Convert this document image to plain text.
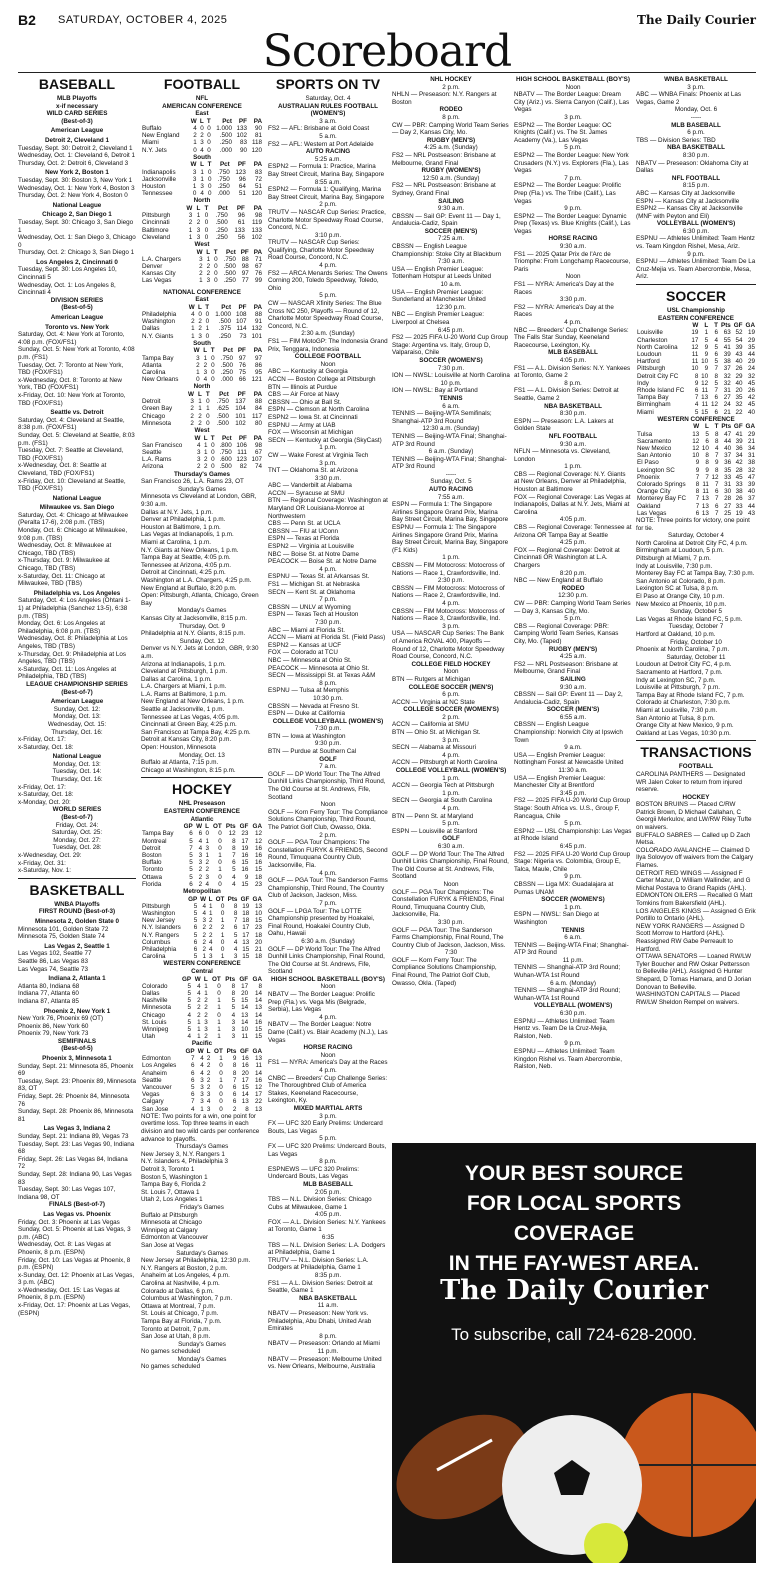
B2 SATURDAY, OCTOBER 4, 2025	The Daily Courier
Scoreboard
BASEBALL
MLB Playoffs
x-if necessary
WILD CARD SERIES
(Best-of-3)
American League
Detroit 2, Cleveland 1

Tuesday, Sept. 30: Detroit 2, Cleveland 1

Wednesday, Oct. 1: Cleveland 6, Detroit 1

Thursday, Oct. 2: Detroit 6, Cleveland 3

New York 2, Boston 1

Tuesday, Sept. 30: Boston 3, New York 1

Wednesday, Oct. 1: New York 4, Boston 3

Thursday, Oct. 2: New York 4, Boston 0

National League
Chicago 2, San Diego 1

Tuesday, Sept. 30: Chicago 3, San Diego 1

Wednesday, Oct. 1: San Diego 3, Chicago 0

Thursday, Oct. 2: Chicago 3, San Diego 1

Los Angeles 2, Cincinnati 0

Tuesday, Sept. 30: Los Angeles 10, Cincinnati 5

Wednesday, Oct. 1: Los Angeles 8, Cincinnati 4

DIVISION SERIES
(Best-of-5)
American League
Toronto vs. New York

Saturday, Oct. 4: New York at Toronto, 4:08 p.m. (FOX/FS1)

Sunday, Oct. 5: New York at Toronto, 4:08 p.m. (FS1)

Tuesday, Oct. 7: Toronto at New York, TBD (FOX/FS1)

x-Wednesday, Oct. 8: Toronto at New York, TBD (FOX/FS1)

x-Friday, Oct. 10: New York at Toronto, TBD (FOX/FS1)

Seattle vs. Detroit

Saturday, Oct. 4: Cleveland at Seattle, 8:38 p.m. (FOX/FS1)

Sunday, Oct. 5: Cleveland at Seattle, 8:03 p.m. (FS1)

Tuesday, Oct. 7: Seattle at Cleveland, TBD (FOX/FS1)

x-Wednesday, Oct. 8: Seattle at Cleveland, TBD (FOX/FS1)

x-Friday, Oct. 10: Cleveland at Seattle, TBD (FOX/FS1)

National League
Milwaukee vs. San Diego

Saturday, Oct. 4: Chicago at Milwaukee (Peralta 17-6), 2:08 p.m. (TBS)

Monday, Oct. 6: Chicago at Milwaukee, 9:08 p.m. (TBS)

Wednesday, Oct. 8: Milwaukee at Chicago, TBD (TBS)

x-Thursday, Oct. 9: Milwaukee at Chicago, TBD (TBS)

x-Saturday, Oct. 11: Chicago at Milwaukee, TBD (TBS)

Philadelphia vs. Los Angeles

Saturday, Oct. 4: Los Angeles (Ohtani 1-1) at Philadelphia (Sanchez 13-5), 6:38 p.m. (TBS)

Monday, Oct. 6: Los Angeles at Philadelphia, 6:08 p.m. (TBS)

Wednesday, Oct. 8: Philadelphia at Los Angeles, TBD (TBS)

x-Thursday, Oct. 9: Philadelphia at Los Angeles, TBD (TBS)

x-Saturday, Oct. 11: Los Angeles at Philadelphia, TBD (TBS)

LEAGUE CHAMPIONSHIP SERIES
(Best-of-7)
American League

Sunday, Oct. 12:

Monday, Oct. 13:

Wednesday, Oct. 15:

Thursday, Oct. 16:

x-Friday, Oct. 17:

x-Saturday, Oct. 18:

National League

Monday, Oct. 13:

Tuesday, Oct. 14:

Thursday, Oct. 16:

x-Friday, Oct. 17:

x-Saturday, Oct. 18:

x-Monday, Oct. 20:

WORLD SERIES
(Best-of-7)

Friday, Oct. 24:

Saturday, Oct. 25:

Monday, Oct. 27:

Tuesday, Oct. 28:

x-Wednesday, Oct. 29:

x-Friday, Oct. 31:

x-Saturday, Nov. 1:

BASKETBALL
WNBA Playoffs
FIRST ROUND (Best-of-3)
Minnesota 2, Golden State 0

Minnesota 101, Golden State 72

Minnesota 75, Golden State 74

Las Vegas 2, Seattle 1

Las Vegas 102, Seattle 77

Seattle 86, Las Vegas 83

Las Vegas 74, Seattle 73

Indiana 2, Atlanta 1

Atlanta 80, Indiana 68

Indiana 77, Atlanta 60

Indiana 87, Atlanta 85

Phoenix 2, New York 1

New York 76, Phoenix 69 (OT)

Phoenix 86, New York 60

Phoenix 79, New York 73

SEMIFINALS
(Best-of-5)
Phoenix 3, Minnesota 1

Sunday, Sept. 21: Minnesota 85, Phoenix 69

Tuesday, Sept. 23: Phoenix 89, Minnesota 83, OT

Friday, Sept. 26: Phoenix 84, Minnesota 76

Sunday, Sept. 28: Phoenix 86, Minnesota 81

Las Vegas 3, Indiana 2

Sunday, Sept. 21: Indiana 89, Vegas 73

Tuesday, Sept. 23: Las Vegas 90, Indiana 68

Friday, Sept. 26: Las Vegas 84, Indiana 72

Sunday, Sept. 28: Indiana 90, Las Vegas 83

Tuesday, Sept. 30: Las Vegas 107, Indiana 98, OT

FINALS (Best-of-7)
Las Vegas vs. Phoenix

Friday, Oct. 3: Phoenix at Las Vegas

Sunday, Oct. 5: Phoenix at Las Vegas, 3 p.m. (ABC)

Wednesday, Oct. 8: Las Vegas at Phoenix, 8 p.m. (ESPN)

Friday, Oct. 10: Las Vegas at Phoenix, 8 p.m. (ESPN)

x-Sunday, Oct. 12: Phoenix at Las Vegas, 3 p.m. (ABC)

x-Wednesday, Oct. 15: Las Vegas at Phoenix, 8 p.m. (ESPN)

x-Friday, Oct. 17: Phoenix at Las Vegas, (ESPN)

FOOTBALL
NFL
AMERICAN CONFERENCE
East
	W	L	T	Pct	PF	PA
Buffalo	4	0	0	1.000	133	90
New England	2	2	0	.500	102	81
Miami	1	3	0	.250	83	118
N.Y. Jets	0	4	0	.000	90	120
South
	W	L	T	Pct	PF	PA
Indianapolis	3	1	0	.750	123	83
Jacksonville	3	1	0	.750	96	72
Houston	1	3	0	.250	64	51
Tennessee	0	4	0	.000	51	120
North
	W	L	T	Pct	PF	PA
Pittsburgh	3	1	0	.750	96	98
Cincinnati	2	2	0	.500	61	119
Baltimore	1	3	0	.250	133	133
Cleveland	1	3	0	.250	56	102
West
	W	L	T	Pct	PF	PA
L.A. Chargers	3	1	0	.750	88	71
Denver	2	2	0	.500	98	67
Kansas City	2	2	0	.500	97	76
Las Vegas	1	3	0	.250	77	99
NATIONAL CONFERENCE
East
	W	L	T	Pct	PF	PA
Philadelphia	4	0	0	1.000	108	88
Washington	2	2	0	.500	107	91
Dallas	1	2	1	.375	114	132
N.Y. Giants	1	3	0	.250	73	101
South
	W	L	T	Pct	PF	PA
Tampa Bay	3	1	0	.750	97	97
Atlanta	2	2	0	.500	76	86
Carolina	1	3	0	.250	75	95
New Orleans	0	4	0	.000	66	121
North
	W	L	T	Pct	PF	PA
Detroit	3	1	0	.750	137	88
Green Bay	2	1	1	.625	104	84
Chicago	2	2	0	.500	101	117
Minnesota	2	2	0	.500	102	80
West
	W	L	T	Pct	PF	PA
San Francisco	4	1	0	.800	106	98
Seattle	3	1	0	.750	111	67
L.A. Rams	3	2	0	.600	123	107
Arizona	2	2	0	.500	82	74
Thursday's Games

San Francisco 26, L.A. Rams 23, OT

Sunday's Games

Minnesota vs Cleveland at London, GBR, 9:30 a.m.

Dallas at N.Y. Jets, 1 p.m.

Denver at Philadelphia, 1 p.m.

Houston at Baltimore, 1 p.m.

Las Vegas at Indianapolis, 1 p.m.

Miami at Carolina, 1 p.m.

N.Y. Giants at New Orleans, 1 p.m.

Tampa Bay at Seattle, 4:05 p.m.

Tennessee at Arizona, 4:05 p.m.

Detroit at Cincinnati, 4:25 p.m.

Washington at L.A. Chargers, 4:25 p.m.

New England at Buffalo, 8:20 p.m.

Open: Pittsburgh, Atlanta, Chicago, Green Bay

Monday's Games

Kansas City at Jacksonville, 8:15 p.m.

Thursday, Oct. 9

Philadelphia at N.Y. Giants, 8:15 p.m.

Sunday, Oct. 12

Denver vs N.Y. Jets at London, GBR, 9:30 a.m.

Arizona at Indianapolis, 1 p.m.

Cleveland at Pittsburgh, 1 p.m.

Dallas at Carolina, 1 p.m.

L.A. Chargers at Miami, 1 p.m.

L.A. Rams at Baltimore, 1 p.m.

New England at New Orleans, 1 p.m.

Seattle at Jacksonville, 1 p.m.

Tennessee at Las Vegas, 4:05 p.m.

Cincinnati at Green Bay, 4:25 p.m.

San Francisco at Tampa Bay, 4:25 p.m.

Detroit at Kansas City, 8:20 p.m.

Open: Houston, Minnesota

Monday, Oct. 13

Buffalo at Atlanta, 7:15 p.m.

Chicago at Washington, 8:15 p.m.

HOCKEY
NHL Preseason
EASTERN CONFERENCE
Atlantic
	GP	W	L	OT	Pts	GF	GA
Tampa Bay	6	6	0	0	12	23	12
Montreal	5	4	1	0	8	17	12
Detroit	7	4	3	0	8	19	16
Boston	5	3	1	1	7	16	16
Buffalo	5	3	2	0	6	15	16
Toronto	5	2	2	1	5	16	15
Ottawa	5	2	3	0	4	9	18
Florida	6	2	4	0	4	15	23
Metropolitan
	GP	W	L	OT	Pts	GF	GA
Pittsburgh	5	4	1	0	8	19	13
Washington	5	4	1	0	8	18	10
New Jersey	5	3	2	1	7	18	15
N.Y. Islanders	6	2	2	2	6	17	23
N.Y. Rangers	5	2	2	1	5	17	18
Columbus	6	2	4	0	4	13	20
Philadelphia	6	2	4	0	4	15	21
Carolina	5	1	3	1	3	15	18
WESTERN CONFERENCE
Central
	GP	W	L	OT	Pts	GF	GA
Colorado	5	4	1	0	8	17	8
Dallas	5	4	1	0	8	20	14
Nashville	5	2	2	1	5	15	14
Minnesota	5	2	2	1	5	14	13
Chicago	4	2	2	0	4	13	14
St. Louis	5	1	3	1	3	14	16
Winnipeg	5	1	3	1	3	10	15
Utah	4	1	2	1	3	11	15
Pacific
	GP	W	L	OT	Pts	GF	GA
Edmonton	7	4	2	1	9	16	13
Los Angeles	6	4	2	0	8	16	11
Anaheim	6	4	2	0	8	20	14
Seattle	6	3	2	1	7	17	16
Vancouver	5	3	2	0	6	15	12
Vegas	6	3	3	0	6	14	17
Calgary	7	3	4	0	6	13	22
San Jose	4	1	3	0	2	8	13

NOTE: Two points for a win, one point for overtime loss. Top three teams in each division and two wild cards per conference advance to playoffs.

Thursday's Games

New Jersey 3, N.Y. Rangers 1

N.Y. Islanders 4, Philadelphia 3

Detroit 3, Toronto 1

Boston 5, Washington 1

Tampa Bay 6, Florida 2

St. Louis 7, Ottawa 1

Utah 2, Los Angeles 1

Friday's Games

Buffalo at Pittsburgh

Minnesota at Chicago

Winnipeg at Calgary

Edmonton at Vancouver

San Jose at Vegas

Saturday's Games

New Jersey at Philadelphia, 12:30 p.m.

N.Y. Rangers at Boston, 2 p.m.

Anaheim at Los Angeles, 4 p.m.

Carolina at Nashville, 4 p.m.

Colorado at Dallas, 6 p.m.

Columbus at Washington, 7 p.m.

Ottawa at Montreal, 7 p.m.

St. Louis at Chicago, 7 p.m.

Tampa Bay at Florida, 7 p.m.

Toronto at Detroit, 7 p.m.

San Jose at Utah, 8 p.m.

Sunday's Games

No games scheduled

Monday's Games

No games scheduled

SPORTS ON TV

Saturday, Oct. 4

AUSTRALIAN RULES FOOTBALL (WOMEN'S)

3 a.m.

FS2 — AFL: Brisbane at Gold Coast

5 a.m.

FS2 — AFL: Western at Port Adelaide

AUTO RACING

5:25 a.m.

ESPN2 — Formula 1: Practice, Marina Bay Street Circuit, Marina Bay, Singapore

8:55 a.m.

ESPN2 — Formula 1: Qualifying, Marina Bay Street Circuit, Marina Bay, Singapore

2 p.m.

TRUTV — NASCAR Cup Series: Practice, Charlotte Motor Speedway Road Course, Concord, N.C.

3:10 p.m.

TRUTV — NASCAR Cup Series: Qualifying, Charlotte Motor Speedway Road Course, Concord, N.C.

4 p.m.

FS2 — ARCA Menards Series: The Owens Corning 200, Toledo Speedway, Toledo, Ohio

5 p.m.

CW — NASCAR Xfinity Series: The Blue Cross NC 250, Playoffs — Round of 12, Charlotte Motor Speedway Road Course, Concord, N.C.

2:30 a.m. (Sunday)

FS1 — FIM MotoGP: The Indonesia Grand Prix, Tenggara, Indonesia

COLLEGE FOOTBALL

Noon

ABC — Kentucky at Georgia

ACCN — Boston College at Pittsburgh

BTN — Illinois at Purdue

CBS — Air Force at Navy

CBSSN — Ohio at Ball St.

ESPN — Clemson at North Carolina

ESPN2 — Iowa St. at Cincinnati

ESPNU — Army at UAB

FOX — Wisconsin at Michigan

SECN — Kentucky at Georgia (SkyCast)

1 p.m.

CW — Wake Forest at Virginia Tech

3 p.m.

TNT — Oklahoma St. at Arizona

3:30 p.m.

ABC — Vanderbilt at Alabama

ACCN — Syracuse at SMU

BTN — Regional Coverage: Washington at Maryland OR Louisiana-Monroe at Northwestern

CBS — Penn St. at UCLA

CBSSN — FIU at UConn

ESPN — Texas at Florida

ESPN2 — Virginia at Louisville

NBC — Boise St. at Notre Dame

PEACOCK — Boise St. at Notre Dame

4 p.m.

ESPNU — Texas St. at Arkansas St.

FS1 — Michigan St. at Nebraska

SECN — Kent St. at Oklahoma

7 p.m.

CBSSN — UNLV at Wyoming

ESPN — Texas Tech at Houston

7:30 p.m.

ABC — Miami at Florida St.

ACCN — Miami at Florida St. (Field Pass)

ESPN2 — Kansas at UCF

FOX — Colorado at TCU

NBC — Minnesota at Ohio St.

PEACOCK — Minnesota at Ohio St.

SECN — Mississippi St. at Texas A&M

8 p.m.

ESPNU — Tulsa at Memphis

10:30 p.m.

CBSSN — Nevada at Fresno St.

ESPN — Duke at California

COLLEGE VOLLEYBALL (WOMEN'S)

7:30 p.m.

BTN — Iowa at Washington

9:30 p.m.

BTN — Purdue at Southern Cal

GOLF

7 a.m.

GOLF — DP World Tour: The The Alfred Dunhill Links Championship, Third Round, The Old Course at St. Andrews, Fife, Scotland

Noon

GOLF — Korn Ferry Tour: The Compliance Solutions Championship, Third Round, The Patriot Golf Club, Owasso, Okla.

2 p.m.

GOLF — PGA Tour Champions: The Constellation FURYK & FRIENDS, Second Round, Timuquana Country Club, Jacksonville, Fla.

4 p.m.

GOLF — PGA Tour: The Sanderson Farms Championship, Third Round, The Country Club of Jackson, Jackson, Miss.

7 p.m.

GOLF — LPGA Tour: The LOTTE Championship presented by Hoakalei, Final Round, Hoakalei Country Club, Oahu, Hawaii

6:30 a.m. (Sunday)

GOLF — DP World Tour: The The Alfred Dunhill Links Championship, Final Round, The Old Course at St. Andrews, Fife, Scotland

HIGH SCHOOL BASKETBALL (BOY'S)

Noon

NBATV — The Border League: Prolific Prep (Fla.) vs. Vega Mis (Belgrade, Serbia), Las Vegas

4 p.m.

NBATV — The Border League: Notre Dame (Calif.) vs. Blair Academy (N.J.), Las Vegas

HORSE RACING

Noon

FS1 — NYRA: America's Day at the Races

4 p.m.

CNBC — Breeders' Cup Challenge Series: The Thoroughbred Club of America Stakes, Keeneland Racecourse, Lexington, Ky.

MIXED MARTIAL ARTS

3 p.m.

FX — UFC 320 Early Prelims: Undercard Bouts, Las Vegas

5 p.m.

FX — UFC 320 Prelims: Undercard Bouts, Las Vegas

8 p.m.

ESPNEWS — UFC 320 Prelims: Undercard Bouts, Las Vegas

MLB BASEBALL

2:05 p.m.

TBS — N.L. Division Series: Chicago Cubs at Milwaukee, Game 1

4:05 p.m.

FOX — A.L. Division Series: N.Y. Yankees at Toronto, Game 1

6:35

TBS — N.L. Division Series: L.A. Dodgers at Philadelphia, Game 1

TRUTV — N.L. Division Series: L.A. Dodgers at Philadelphia, Game 1

8:35 p.m.

FS1 — A.L. Division Series: Detroit at Seattle, Game 1

NBA BASKETBALL

11 a.m.

NBATV — Preseason: New York vs. Philadelphia, Abu Dhabi, United Arab Emirates

8 p.m.

NBATV — Preseason: Orlando at Miami

11 p.m.

NBATV — Preseason: Melbourne United vs. New Orleans, Melbourne, Australia

NHL HOCKEY

2 p.m.

NHLN — Preseason: N.Y. Rangers at Boston

RODEO

8 p.m.

CW — PBR: Camping World Team Series — Day 2, Kansas City, Mo.

RUGBY (MEN'S)

4:25 a.m. (Sunday)

FS2 — NRL Postseason: Brisbane at Melbourne, Grand Final

RUGBY (WOMEN'S)

12:50 a.m. (Sunday)

FS2 — NRL Postseason: Brisbane at Sydney, Grand Final

SAILING

9:30 a.m.

CBSSN — Sail GP: Event 11 — Day 1, Andalucia-Cadiz, Spain

SOCCER (MEN'S)

7:25 a.m.

CBSSN — English League Championship: Stoke City at Blackburn

7:30 a.m.

USA — English Premier League: Tottenham Hotspur at Leeds United

10 a.m.

USA — English Premier League: Sunderland at Manchester United

12:30 p.m.

NBC — English Premier League: Liverpool at Chelsea

6:45 p.m.

FS2 — 2025 FIFA U-20 World Cup Group Stage: Argentina vs. Italy, Group D, Valparaiso, Chile

SOCCER (WOMEN'S)

7:30 p.m.

ION — NWSL: Louisville at North Carolina

10 p.m.

ION — NWSL: Bay at Portland

TENNIS

6 a.m.

TENNIS — Beijing-WTA Semifinals; Shanghai-ATP 3rd Round

12:30 a.m. (Sunday)

TENNIS — Beijing-WTA Final; Shanghai-ATP 3rd Round

6 a.m. (Sunday)

TENNIS — Beijing-WTA Final; Shanghai-ATP 3rd Round

-----

Sunday, Oct. 5

AUTO RACING

7:55 a.m.

ESPN — Formula 1: The Singapore Airlines Singapore Grand Prix, Marina Bay Street Circuit, Marina Bay, Singapore

ESPNU — Formula 1: The Singapore Airlines Singapore Grand Prix, Marina Bay Street Circuit, Marina Bay, Singapore (F1 Kids)

1 p.m.

CBSSN — FIM Motocross: Motocross of Nations — Race 1, Crawfordsville, Ind.

2:30 p.m.

CBSSN — FIM Motocross: Motocross of Nations — Race 2, Crawfordsville, Ind.

4 p.m.

CBSSN — FIM Motocross: Motocross of Nations — Race 3, Crawfordsville, Ind.

3 p.m.

USA — NASCAR Cup Series: The Bank of America ROVAL 400, Playoffs — Round of 12, Charlotte Motor Speedway Road Course, Concord, N.C.

COLLEGE FIELD HOCKEY

Noon

BTN — Rutgers at Michigan

COLLEGE SOCCER (MEN'S)

6 p.m.

ACCN — Virginia at NC State

COLLEGE SOCCER (WOMEN'S)

2 p.m.

ACCN — California at SMU

BTN — Ohio St. at Michigan St.

3 p.m.

SECN — Alabama at Missouri

4 p.m.

ACCN — Pittsburgh at North Carolina

COLLEGE VOLLEYBALL (WOMEN'S)

1 p.m.

ACCN — Georgia Tech at Pittsburgh

1 p.m.

SECN — Georgia at South Carolina

4 p.m.

BTN — Penn St. at Maryland

5 p.m.

ESPN — Louisville at Stanford

GOLF

6:30 a.m.

GOLF — DP World Tour: The The Alfred Dunhill Links Championship, Final Round, The Old Course at St. Andrews, Fife, Scotland

Noon

GOLF — PGA Tour Champions: The Constellation FURYK & FRIENDS, Final Round, Timuquana Country Club, Jacksonville, Fla.

3:30 p.m.

GOLF — PGA Tour: The Sanderson Farms Championship, Final Round, The Country Club of Jackson, Jackson, Miss.

7:30

GOLF — Korn Ferry Tour: The Compliance Solutions Championship, Final Round, The Patriot Golf Club, Owasso, Okla. (Taped)

HIGH SCHOOL BASKETBALL (BOY'S)

Noon

NBATV — The Border League: Dream City (Ariz.) vs. Sierra Canyon (Calif.), Las Vegas

3 p.m.

ESPN2 — The Border League: OC Knights (Calif.) vs. The St. James Academy (Va.), Las Vegas

5 p.m.

ESPN2 — The Border League: New York Crusaders (N.Y.) vs. Explorers (Fla.), Las Vegas

7 p.m.

ESPN2 — The Border League: Prolific Prep (Fla.) vs. The Tribe (Calif.), Las Vegas

9 p.m.

ESPN2 — The Border League: Dynamic Prep (Texas) vs. Blue Knights (Calif.), Las Vegas

HORSE RACING

9:30 a.m.

FS1 — 2025 Qatar Prix de l'Arc de Triomphe: From Longchamp Racecourse, Paris

Noon

FS1 — NYRA: America's Day at the Races

3:30 p.m.

FS2 — NYRA: America's Day at the Races

4 p.m.

NBC — Breeders' Cup Challenge Series: The Falls Star Sunday, Keeneland Racecourse, Lexington, Ky.

MLB BASEBALL

4:05 p.m.

FS1 — A.L. Division Series: N.Y. Yankees at Toronto, Game 2

8 p.m.

FS1 — A.L. Division Series: Detroit at Seattle, Game 2

NBA BASKETBALL

8:30 p.m.

ESPN — Preseason: L.A. Lakers at Golden State

NFL FOOTBALL

9:30 a.m.

NFLN — Minnesota vs. Cleveland, London

1 p.m.

CBS — Regional Coverage: N.Y. Giants at New Orleans, Denver at Philadelphia, Houston at Baltimore

FOX — Regional Coverage: Las Vegas at Indianapolis, Dallas at N.Y. Jets, Miami at Carolina

4:05 p.m.

CBS — Regional Coverage: Tennessee at Arizona OR Tampa Bay at Seattle

4:25 p.m.

FOX — Regional Coverage: Detroit at Cincinnati OR Washington at L.A. Chargers

8:20 p.m.

NBC — New England at Buffalo

RODEO

12:30 p.m.

CW — PBR: Camping World Team Series — Day 3, Kansas City, Mo.

5 p.m.

CBS — Regional Coverage: PBR: Camping World Team Series, Kansas City, Mo. (Taped)

RUGBY (MEN'S)

4:25 a.m.

FS2 — NRL Postseason: Brisbane at Melbourne, Grand Final

SAILING

9:30 a.m.

CBSSN — Sail GP: Event 11 — Day 2, Andalucia-Cadiz, Spain

SOCCER (MEN'S)

6:55 a.m.

CBSSN — English League Championship: Norwich City at Ipswich Town

9 a.m.

USA — English Premier League: Nottingham Forest at Newcastle United

11:30 a.m.

USA — English Premier League: Manchester City at Brentford

3:45 p.m.

FS2 — 2025 FIFA U-20 World Cup Group Stage: South Africa vs. U.S., Group F, Rancagua, Chile

5 p.m.

ESPN2 — USL Championship: Las Vegas at Rhode Island

6:45 p.m.

FS2 — 2025 FIFA U-20 World Cup Group Stage: Nigeria vs. Colombia, Group E, Talca, Maule, Chile

9 p.m.

CBSSN — Liga MX: Guadalajara at Pumas UNAM

SOCCER (WOMEN'S)

1 p.m.

ESPN — NWSL: San Diego at Washington

TENNIS

6 a.m.

TENNIS — Beijing-WTA Final; Shanghai-ATP 3rd Round

11 p.m.

TENNIS — Shanghai-ATP 3rd Round; Wuhan-WTA 1st Round

6 a.m. (Monday)

TENNIS — Shanghai-ATP 3rd Round; Wuhan-WTA 1st Round

VOLLEYBALL (WOMEN'S)

6:30 p.m.

ESPNU — Athletes Unlimited: Team Hentz vs. Team De la Cruz-Mejia, Ralston, Neb.

9 p.m.

ESPNU — Athletes Unlimited: Team Kingdon Rishel vs. Team Abercrombie, Ralston, Neb.

WNBA BASKETBALL

3 p.m.

ABC — WNBA Finals: Phoenix at Las Vegas, Game 2

Monday, Oct. 6

-----

MLB BASEBALL

6 p.m.

TBS — Division Series: TBD

NBA BASKETBALL

8:30 p.m.

NBATV — Preseason: Oklahoma City at Dallas

NFL FOOTBALL

8:15 p.m.

ABC — Kansas City at Jacksonville

ESPN — Kansas City at Jacksonville

ESPN2 — Kansas City at Jacksonville (MNF with Peyton and Eli)

VOLLEYBALL (WOMEN'S)

6:30 p.m.

ESPNU — Athletes Unlimited: Team Hentz vs. Team Kingdon Rishel, Mesa, Ariz.

9 p.m.

ESPNU — Athletes Unlimited: Team De La Cruz-Mejia vs. Team Abercrombie, Mesa, Ariz.

SOCCER
USL Championship
EASTERN CONFERENCE
	W	L	T	Pts	GF	GA
Louisville	19	1	6	63	52	19
Charleston	17	5	4	55	54	29
North Carolina	12	9	5	41	39	35
Loudoun	11	9	6	39	43	44
Hartford	11	10	5	38	40	29
Pittsburgh	10	9	7	37	26	24
Detroit City FC	8	10	8	32	29	32
Indy	9	12	5	32	40	45
Rhode Island FC	6	11	7	31	20	26
Tampa Bay	7	13	6	27	35	42
Birmingham	4	11	12	24	32	45
Miami	5	15	6	21	22	40
WESTERN CONFERENCE
	W	L	T	Pts	GF	GA
Tulsa	13	5	8	47	41	29
Sacramento	12	6	8	44	39	21
New Mexico	12	10	4	40	36	34
San Antonio	10	8	7	37	34	31
El Paso	9	8	9	36	42	38
Lexington SC	9	9	8	35	28	32
Phoenix	7	7	12	33	45	47
Colorado Springs	8	11	7	31	33	39
Orange City	8	11	6	30	38	40
Monterey Bay FC	7	13	7	28	26	37
Oakland	7	13	6	27	33	44
Las Vegas	6	13	7	25	19	43

NOTE: Three points for victory, one point for tie.

Saturday, October 4

North Carolina at Detroit City FC, 4 p.m.

Birmingham at Loudoun, 5 p.m.

Pittsburgh at Miami, 7 p.m.

Indy at Louisville, 7:30 p.m.

Monterey Bay FC at Tampa Bay, 7:30 p.m.

San Antonio at Colorado, 8 p.m.

Lexington SC at Tulsa, 8 p.m.

El Paso at Orange City, 10 p.m.

New Mexico at Phoenix, 10 p.m.

Sunday, October 5

Las Vegas at Rhode Island FC, 5 p.m.

Tuesday, October 7

Hartford at Oakland, 10 p.m.

Friday, October 10

Phoenix at North Carolina, 7 p.m.

Saturday, October 11

Loudoun at Detroit City FC, 4 p.m.

Sacramento at Hartford, 7 p.m.

Indy at Lexington SC, 7 p.m.

Louisville at Pittsburgh, 7 p.m.

Tampa Bay at Rhode Island FC, 7 p.m.

Colorado at Charleston, 7:30 p.m.

Miami at Louisville, 7:30 p.m.

San Antonio at Tulsa, 8 p.m.

Orange City at New Mexico, 9 p.m.

Oakland at Las Vegas, 10:30 p.m.

TRANSACTIONS

FOOTBALL

CAROLINA PANTHERS — Designated WR Jalen Coker to return from injured reserve.

HOCKEY

BOSTON BRUINS — Placed C/RW Patrick Brown, D Michael Callahan, C Georgii Merkulov, and LW/RW Riley Tufte on waivers.

BUFFALO SABRES — Called up D Zach Metsa.

COLORADO AVALANCHE — Claimed D Ilya Solovyov off waivers from the Calgary Flames.

DETROIT RED WINGS — Assigned F Carter Mazur, D William Wallinder, and G Michal Postava to Grand Rapids (AHL).

EDMONTON OILERS — Recalled G Matt Tomkins from Bakersfield (AHL).

LOS ANGELES KINGS — Assigned G Erik Portillo to Ontario (AHL).

NEW YORK RANGERS — Assigned D Scott Morrow to Hartford (AHL). Reassigned RW Gabe Perreault to Hartford.

OTTAWA SENATORS — Loaned RW/LW Tyler Boucher and RW Oskar Pettersson to Belleville (AHL). Assigned G Hunter Shepard, D Tomas Hamara, and D Jorian Donovan to Belleville.

WASHINGTON CAPITALS — Placed RW/LW Sheldon Rempel on waivers.

YOUR BEST SOURCE
FOR LOCAL SPORTS
COVERAGE
IN THE FAY-WEST AREA.
The Daily Courier
To subscribe, call 724-628-2000.
